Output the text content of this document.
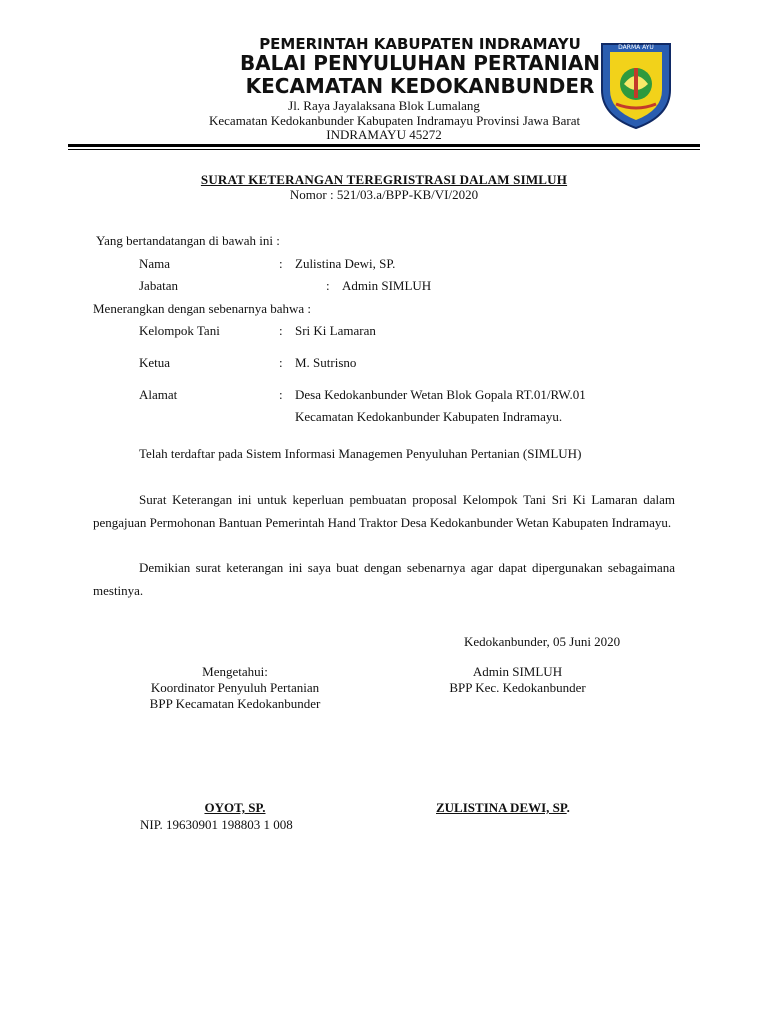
PEMERINTAH KABUPATEN INDRAMAYU
BALAI PENYULUHAN PERTANIAN
KECAMATAN KEDOKANBUNDER
DARMA AYU
Jl. Raya Jayalaksana Blok Lumalang
Kecamatan Kedokanbunder Kabupaten Indramayu Provinsi Jawa Barat
INDRAMAYU 45272
SURAT KETERANGAN TEREGRISTRASI DALAM SIMLUH
Nomor : 521/03.a/BPP-KB/VI/2020
Yang bertandatangan di bawah ini :
Nama	: Zulistina Dewi, SP.
Jabatan	: Admin SIMLUH
Menerangkan dengan sebenarnya bahwa :
Kelompok Tani	: Sri Ki Lamaran
Ketua	: M. Sutrisno
Alamat	: Desa Kedokanbunder Wetan Blok Gopala RT.01/RW.01
Kecamatan Kedokanbunder Kabupaten Indramayu.
Telah terdaftar pada Sistem Informasi Managemen Penyuluhan Pertanian (SIMLUH)
Surat Keterangan ini untuk keperluan pembuatan proposal Kelompok Tani Sri Ki Lamaran dalam pengajuan Permohonan Bantuan Pemerintah Hand Traktor Desa Kedokanbunder Wetan Kabupaten Indramayu.
Demikian surat keterangan ini saya buat dengan sebenarnya agar dapat dipergunakan sebagaimana mestinya.
Kedokanbunder, 05 Juni 2020
Mengetahui:
Koordinator Penyuluh Pertanian
BPP Kecamatan Kedokanbunder
OYOT, SP.
NIP. 19630901 198803 1 008
Admin SIMLUH
BPP Kec. Kedokanbunder
ZULISTINA DEWI, SP.
